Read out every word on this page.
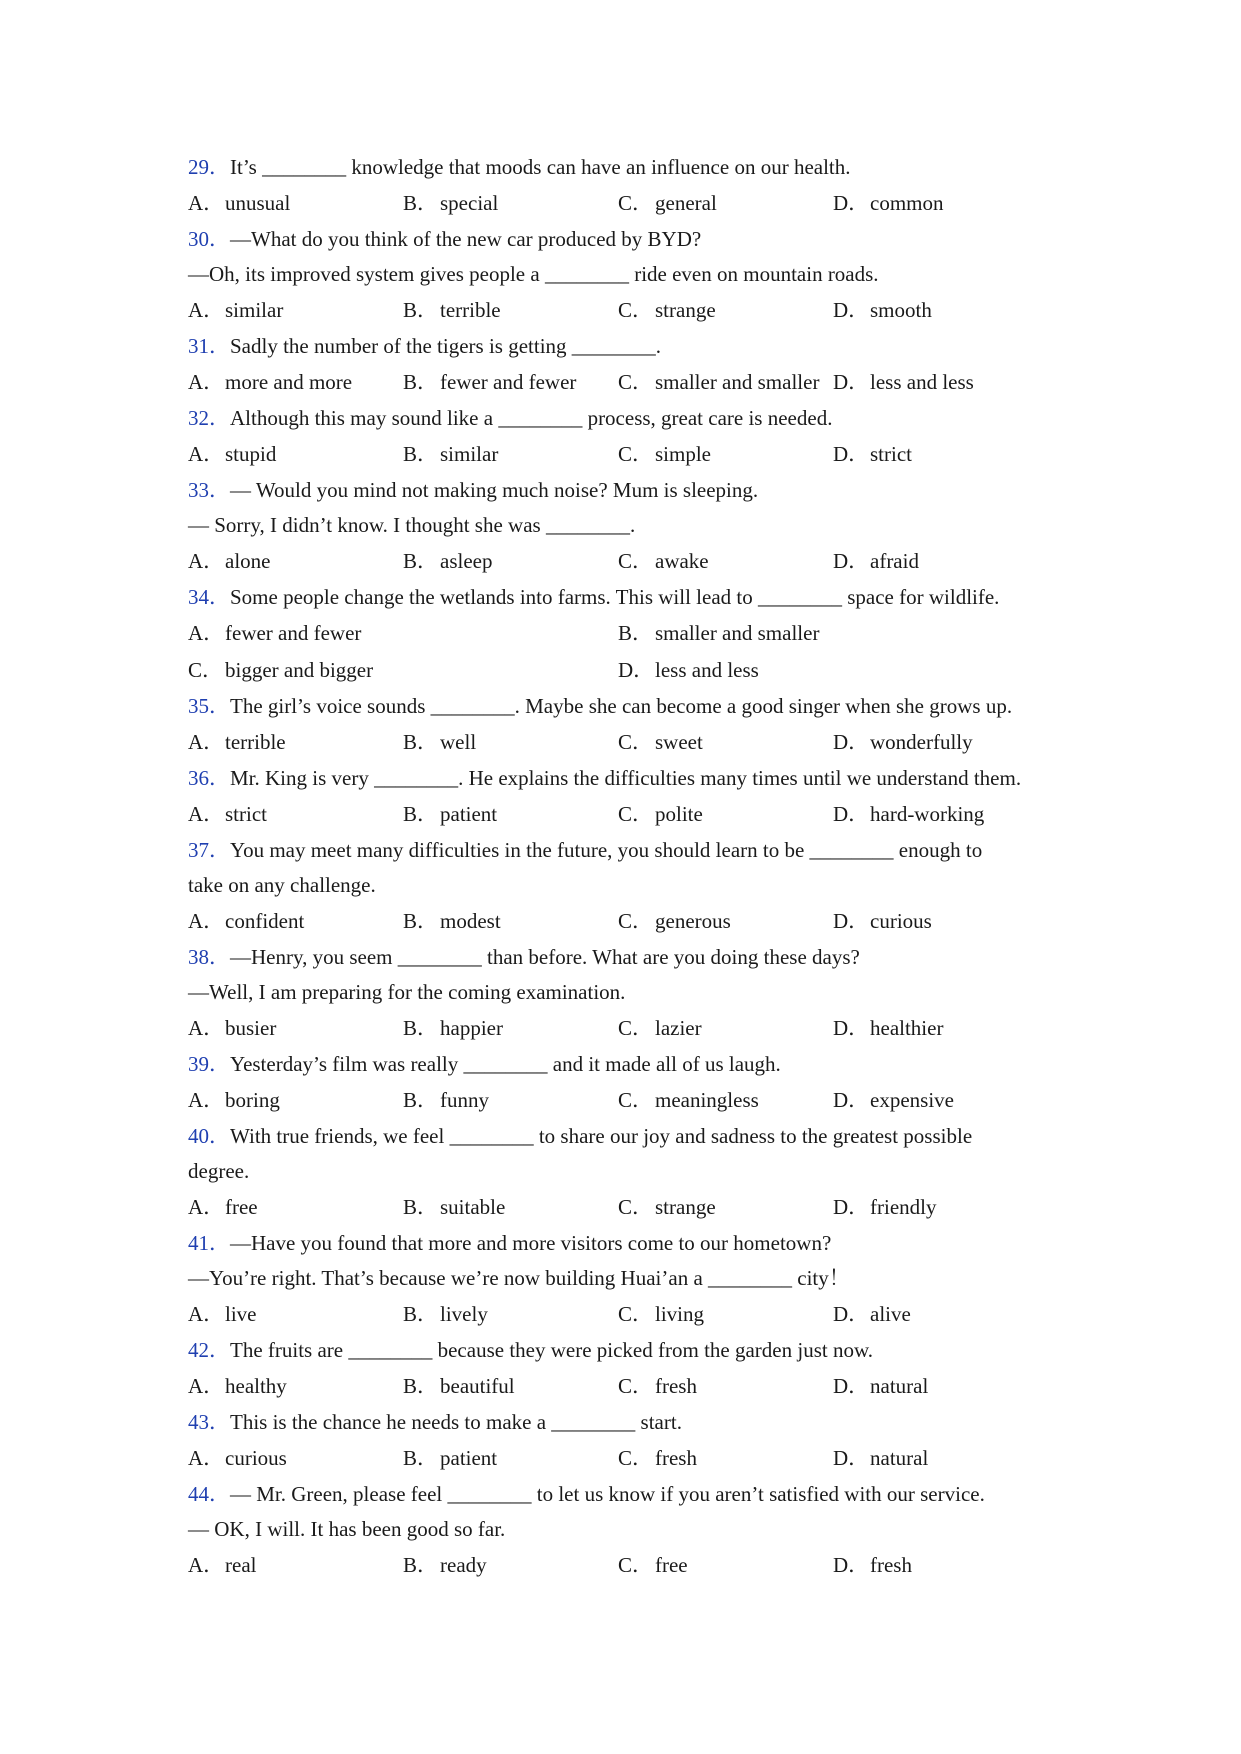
29．It’s ________ knowledge that moods can have an influence on our health.
A．unusual	B．special	C．general	D．common
30．—What do you think of the new car produced by BYD?
—Oh, its improved system gives people a ________ ride even on mountain roads.
A．similar	B．terrible	C．strange	D．smooth
31．Sadly the number of the tigers is getting ________.
A．more and more B．fewer and fewer C．smaller and smaller D．less and less
32．Although this may sound like a ________ process, great care is needed.
A．stupid	B．similar	C．simple	D．strict
33．— Would you mind not making much noise? Mum is sleeping.
— Sorry, I didn’t know. I thought she was ________.
A．alone	B．asleep	C．awake	D．afraid
34．Some people change the wetlands into farms. This will lead to ________ space for wildlife.
A．fewer and fewer	B．smaller and smaller
C．bigger and bigger	D．less and less
35．The girl’s voice sounds ________. Maybe she can become a good singer when she grows up.
A．terrible	B．well	C．sweet	D．wonderfully
36．Mr. King is very ________. He explains the difficulties many times until we understand them.
A．strict	B．patient	C．polite	D．hard-working
37．You may meet many difficulties in the future, you should learn to be ________ enough to
take on any challenge.
A．confident	B．modest	C．generous	D．curious
38．—Henry, you seem ________ than before. What are you doing these days?
—Well, I am preparing for the coming examination.
A．busier	B．happier	C．lazier	D．healthier
39．Yesterday’s film was really ________ and it made all of us laugh.
A．boring	B．funny	C．meaningless	D．expensive
40．With true friends, we feel ________ to share our joy and sadness to the greatest possible
degree.
A．free	B．suitable	C．strange	D．friendly
41．—Have you found that more and more visitors come to our hometown?
—You’re right. That’s because we’re now building Huai’an a ________ city！
A．live	B．lively	C．living	D．alive
42．The fruits are ________ because they were picked from the garden just now.
A．healthy	B．beautiful	C．fresh	D．natural
43．This is the chance he needs to make a ________ start.
A．curious	B．patient	C．fresh	D．natural
44．— Mr. Green, please feel ________ to let us know if you aren’t satisfied with our service.
— OK, I will. It has been good so far.
A．real	B．ready	C．free	D．fresh
